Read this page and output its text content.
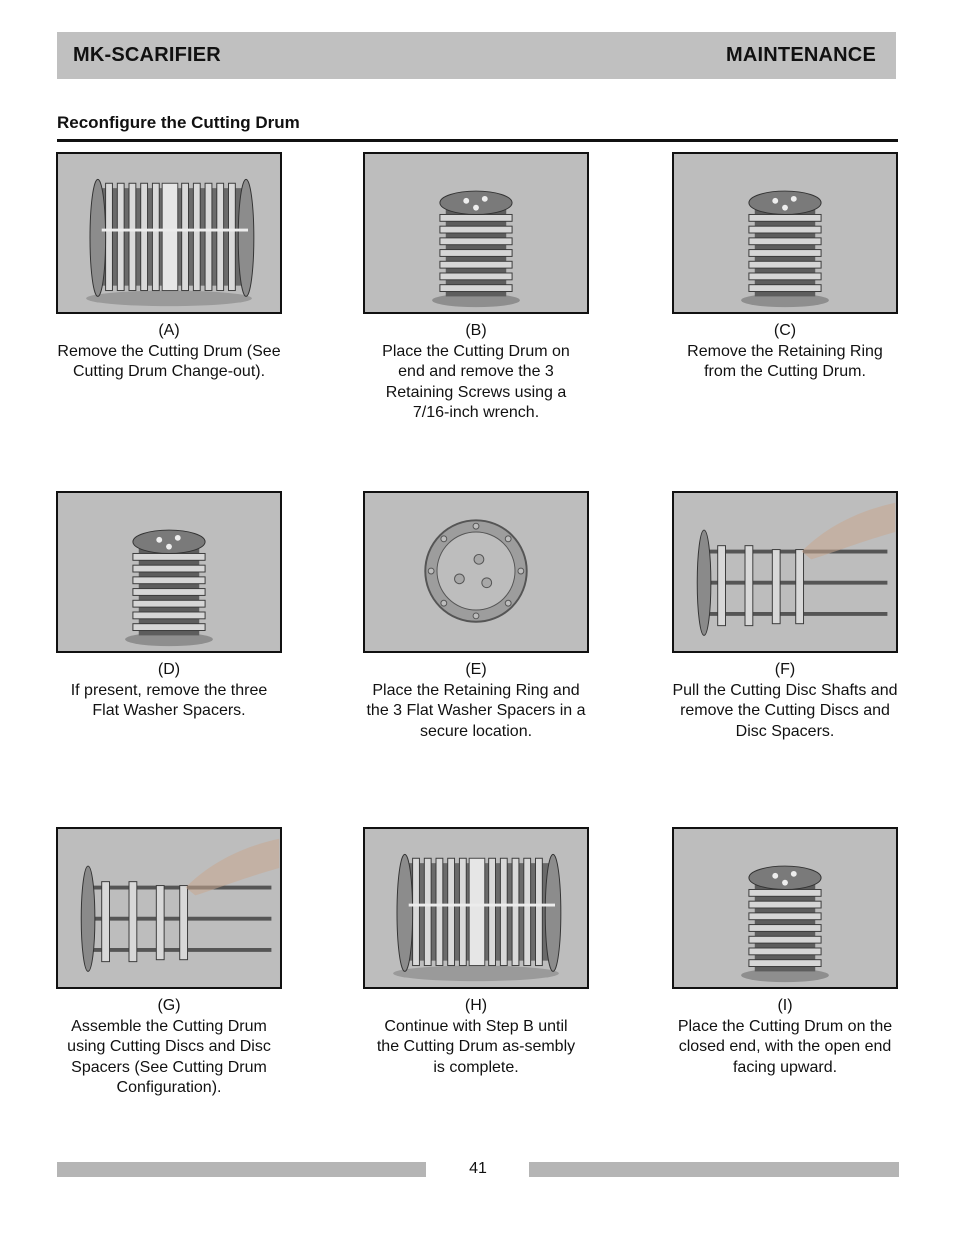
MK-SCARIFIER	MAINTENANCE
Reconfigure the Cutting Drum
(A)
Remove the Cutting Drum (See Cutting Drum Change-out).
(B)
Place the Cutting Drum on end and remove the 3 Retaining Screws using a 7/16-inch wrench.
(C)
Remove the Retaining Ring from the Cutting Drum.
(D)
If present, remove the three Flat Washer Spacers.
(E)
Place the Retaining Ring and the 3 Flat Washer Spacers in a secure location.
(F)
Pull the Cutting Disc Shafts and remove the Cutting Discs and Disc Spacers.
(G)
Assemble the Cutting Drum using Cutting Discs and Disc Spacers (See Cutting Drum Configuration).
(H)
Continue with Step B until the Cutting Drum as-sembly is complete.
(I)
Place the Cutting Drum on the closed end, with the open end facing upward.
41
